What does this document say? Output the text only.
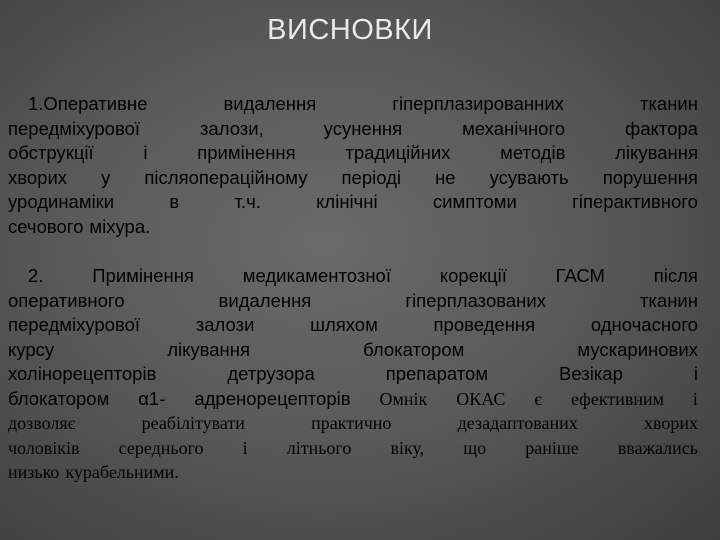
ВИСНОВКИ
1.Оперативне	видалення	гіперплазированних	тканин
передміхурової	залози,	усунення	механічного	фактора
обструкції	і	примінення	традиційних	методів	лікування
хворих у післяопераційному періоді не усувають порушення
уродинаміки	в	т.ч.	клінічні	симптоми	гіперактивного
сечового міхура.
2.	Примінення	медикаментозної	корекції	ГАСМ	після
оперативного	видалення	гіперплазованих	тканин
передміхурової	залози	шляхом	проведення	одночасного
курсу	лікування	блокатором	мускаринових
холінорецепторів	детрузора	препаратом	Везікар	і
блокатором α1- адренорецепторів Омнік ОКАС є ефективним і
дозволяє	реабілітувати	практично	дезадаптованих	хворих
чоловіків середнього і літнього віку, що раніше вважались
низько курабельними.
